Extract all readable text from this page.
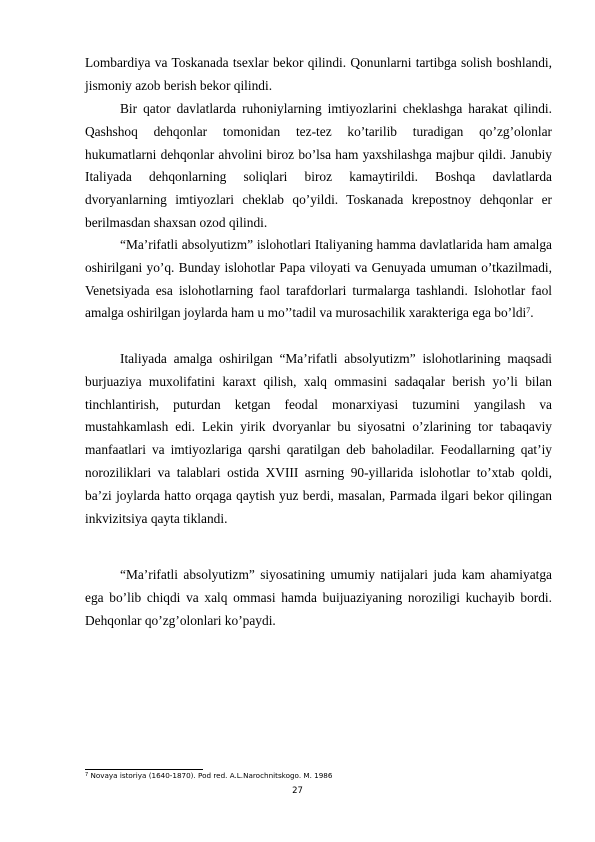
Lombardiya va Toskanada tsexlar bekor qilindi. Qonunlarni tartibga solish boshlandi, jismoniy azob berish bekor qilindi.

Bir qator davlatlarda ruhoniylarning imtiyozlarini cheklashga harakat qilindi. Qashshoq dehqonlar tomonidan tez-tez ko’tarilib turadigan qo’zg’olonlar hukumatlarni dehqonlar ahvolini biroz bo’lsa ham yaxshilashga majbur qildi. Janubiy Italiyada dehqonlarning soliqlari biroz kamaytirildi. Boshqa davlatlarda dvoryanlarning imtiyozlari cheklab qo’yildi. Toskanada krepostnoy dehqonlar er berilmasdan shaxsan ozod qilindi.

“Ma’rifatli absolyutizm” islohotlari Italiyaning hamma davlatlarida ham amalga oshirilgani yo’q. Bunday islohotlar Papa viloyati va Genuyada umuman o’tkazilmadi, Venetsiyada esa islohotlarning faol tarafdorlari turmalarga tashlandi. Islohotlar faol amalga oshirilgan joylarda ham u mo’’tadil va murosachilik xarakteriga ega bo’ldi$^7$.

Italiyada amalga oshirilgan “Ma’rifatli absolyutizm” islohotlarining maqsadi burjuaziya muxolifatini karaxt qilish, xalq ommasini sadaqalar berish yo’li bilan tinchlantirish, puturdan ketgan feodal monarxiyasi tuzumini yangilash va mustahkamlash edi. Lekin yirik dvoryanlar bu siyosatni o’zlarining tor tabaqaviy manfaatlari va imtiyozlariga qarshi qaratilgan deb baholadilar. Feodallarning qat’iy noroziliklari va talablari ostida XVIII asrning 90-yillarida islohotlar to’xtab qoldi, ba’zi joylarda hatto orqaga qaytish yuz berdi, masalan, Parmada ilgari bekor qilingan inkvizitsiya qayta tiklandi.

“Ma’rifatli absolyutizm” siyosatining umumiy natijalari juda kam ahamiyatga ega bo’lib chiqdi va xalq ommasi hamda buijuaziyaning noroziligi kuchayib bordi. Dehqonlar qo’zg’olonlari ko’paydi.

$^7$ Novaya istoriya (1640-1870). Pod red. A.L.Narochnitskogo. M. 1986
27
